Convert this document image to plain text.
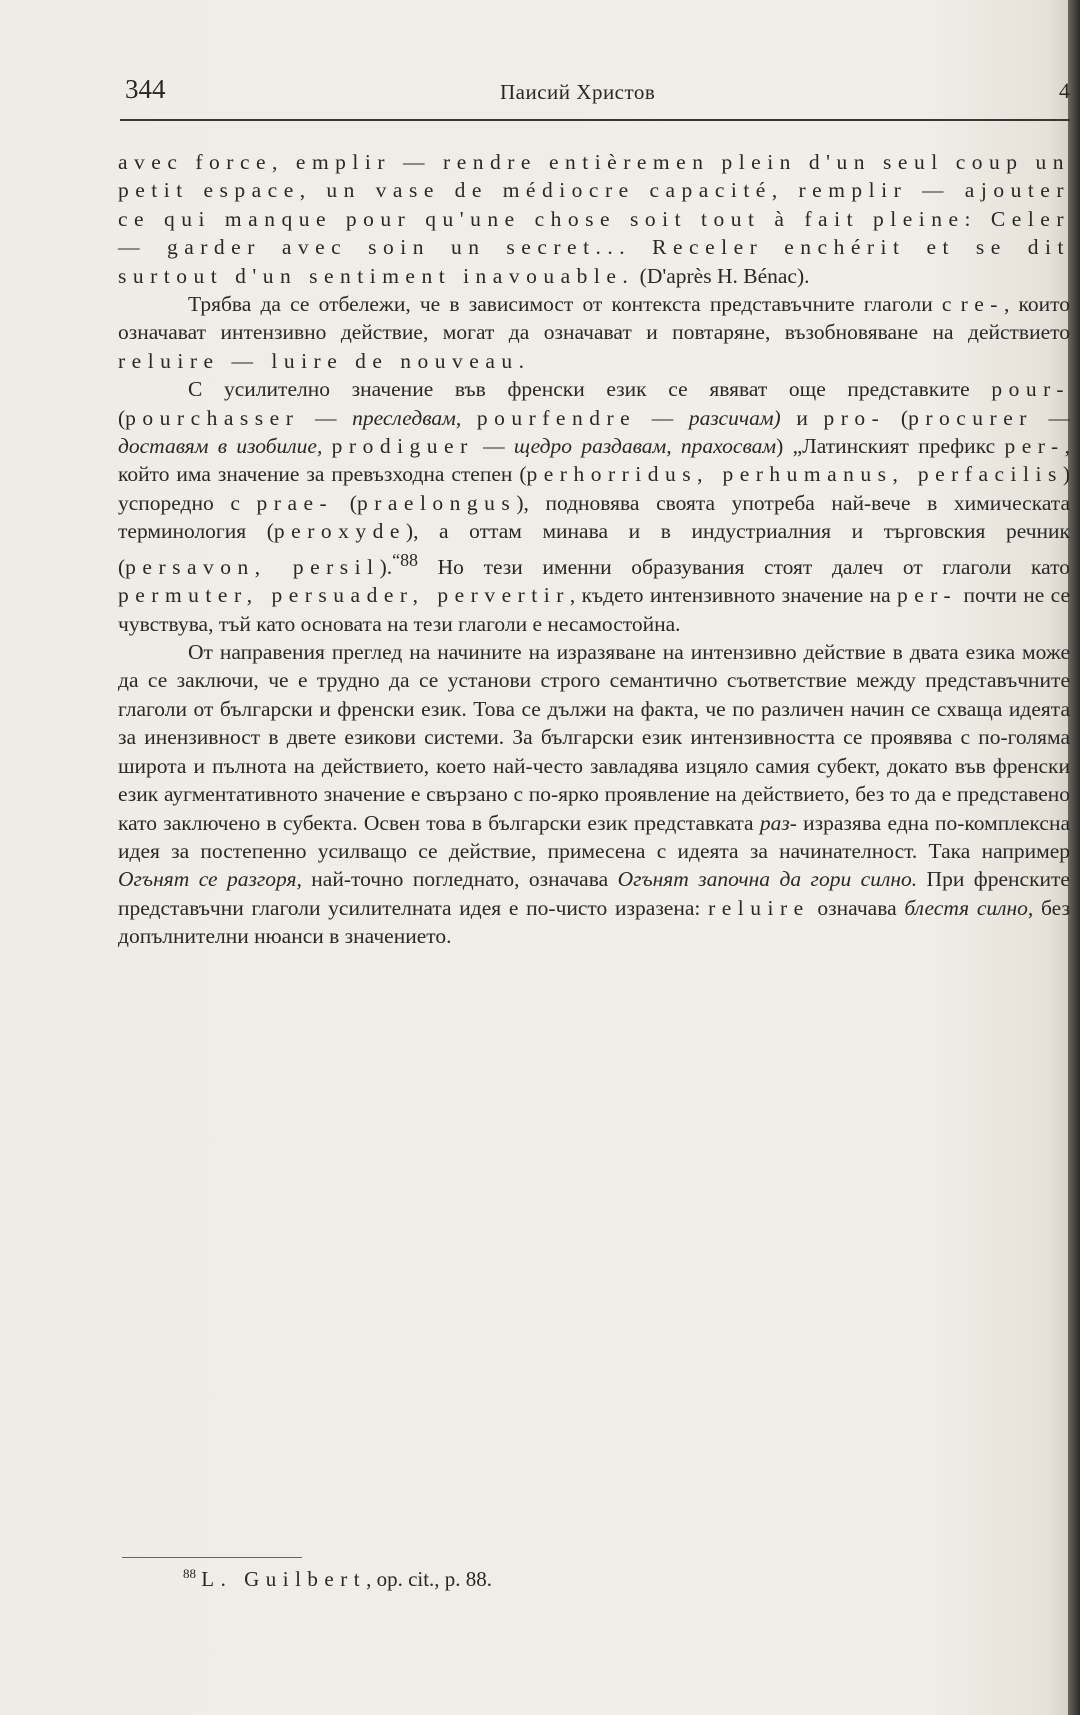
344	Паисий Христов	4

avec force, emplir — rendre entièremen plein d'un seul coup un petit espace, un vase de médiocre capacité, remplir — ajouter ce qui manque pour qu'une chose soit tout à fait pleine: Celer — garder avec soin un secret... Receler enchérit et se dit surtout d'un sentiment inavouable. (D'après H. Bénac).

Трябва да се отбележи, че в зависимост от контекста представъчните глаголи с re-, които означават интензивно действие, могат да означават и повтаряне, възобновяване на действието reluire — luire de nouveau.

С усилително значение във френски език се явяват още представките pour-(pourchasser — преследвам, pourfendre — разсичам) и pro- (procurer — доставям в изобилие, prodiguer — щедро раздавам, прахосвам) „Латинският префикс per-, който има значение за превъзходна степен (perhorridus, perhumanus, perfacilis) успоредно с prae- (praelongus), подновява своята употреба най-вече в химическата терминология (peroxyde), а оттам минава и в индустриалния и търговския речник (persavon, persil).$^{“88}$ Но тези именни образувания стоят далеч от глаголи като permuter, persuader, pervertir, където интензивното значение на per- почти не се чувствува, тъй като основата на тези глаголи е несамостойна.

От направения преглед на начините на изразяване на интензивно действие в двата езика може да се заключи, че е трудно да се установи строго семантично съответствие между представъчните глаголи от български и френски език. Това се дължи на факта, че по различен начин се схваща идеята за инензивност в двете езикови системи. За български език интензивността се проявява с по-голяма широта и пълнота на действието, което най-често завладява изцяло самия субект, докато във френски език аугментативното значение е свързано с по-ярко проявление на действието, без то да е представено като заключено в субекта. Освен това в български език представката раз- изразява една по-комплексна идея за постепенно усилващо се действие, примесена с идеята за начинателност. Така например Огънят се разгоря, най-точно погледнато, означава Огънят започна да гори силно. При френските представъчни глаголи усилителната идея е по-чисто изразена: reluire означава блестя силно, без допълнителни нюанси в значението.

$^{88}$ L. Guilbert, op. cit., p. 88.
